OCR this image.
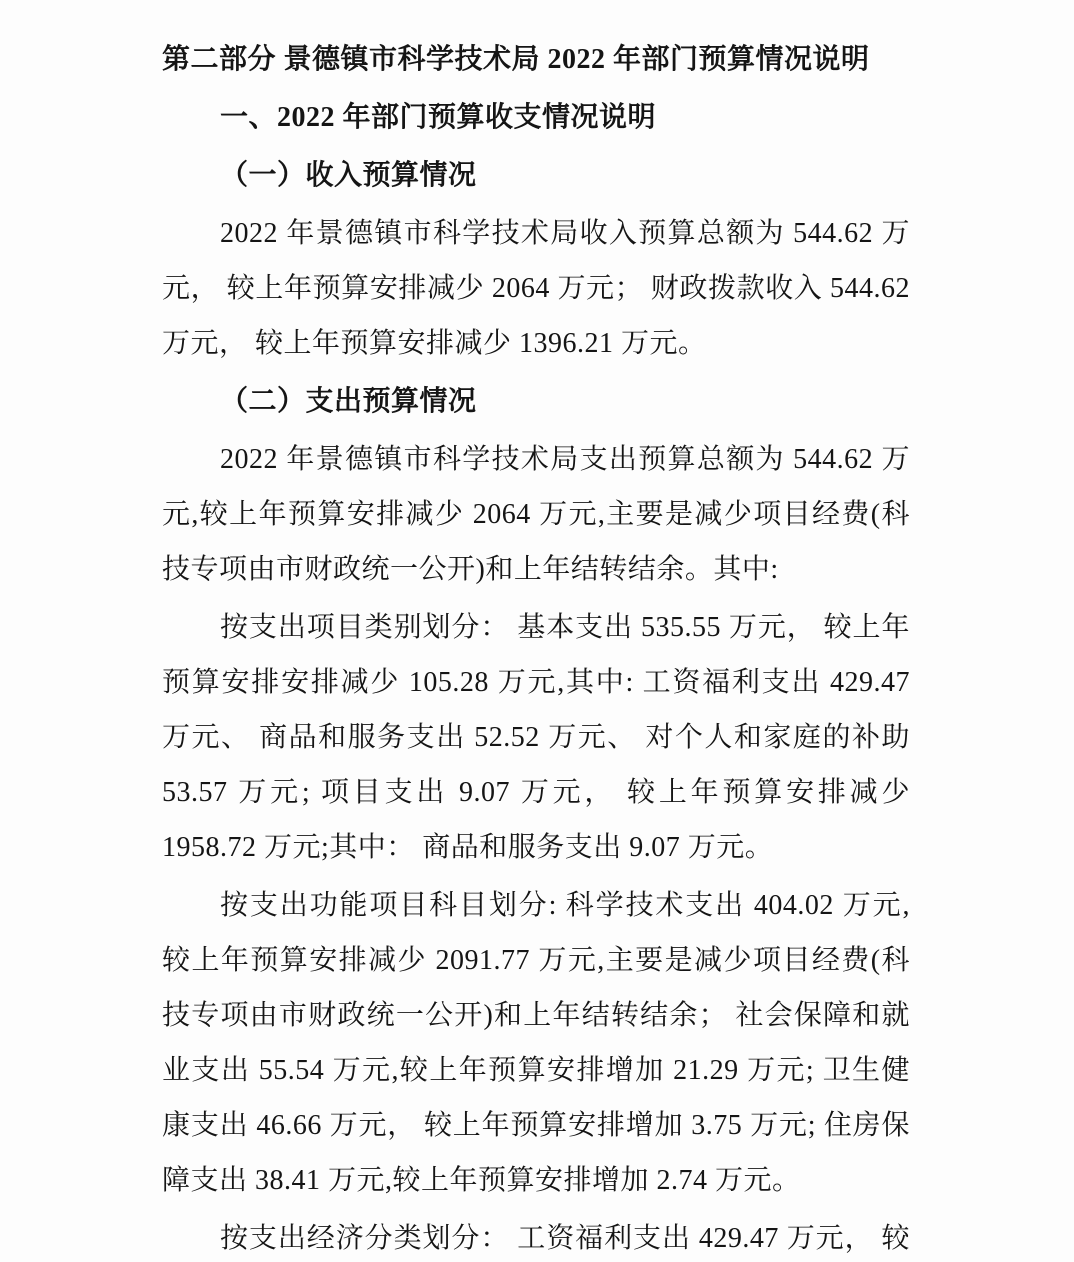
第二部分 景德镇市科学技术局 2022 年部门预算情况说明
一、2022 年部门预算收支情况说明
（一）收入预算情况
2022 年景德镇市科学技术局收入预算总额为 544.62 万
元， 较上年预算安排减少 2064 万元； 财政拨款收入 544.62
万元， 较上年预算安排减少 1396.21 万元。
（二）支出预算情况
2022 年景德镇市科学技术局支出预算总额为 544.62 万
元,较上年预算安排减少 2064 万元,主要是减少项目经费(科
技专项由市财政统一公开)和上年结转结余。其中:
按支出项目类别划分： 基本支出 535.55 万元， 较上年
预算安排安排减少 105.28 万元,其中: 工资福利支出 429.47
万元、 商品和服务支出 52.52 万元、 对个人和家庭的补助
53.57 万元; 项目支出 9.07 万元， 较上年预算安排减少
1958.72 万元;其中： 商品和服务支出 9.07 万元。
按支出功能项目科目划分: 科学技术支出 404.02 万元,
较上年预算安排减少 2091.77 万元,主要是减少项目经费(科
技专项由市财政统一公开)和上年结转结余； 社会保障和就
业支出 55.54 万元,较上年预算安排增加 21.29 万元; 卫生健
康支出 46.66 万元， 较上年预算安排增加 3.75 万元; 住房保
障支出 38.41 万元,较上年预算安排增加 2.74 万元。
按支出经济分类划分： 工资福利支出 429.47 万元， 较
